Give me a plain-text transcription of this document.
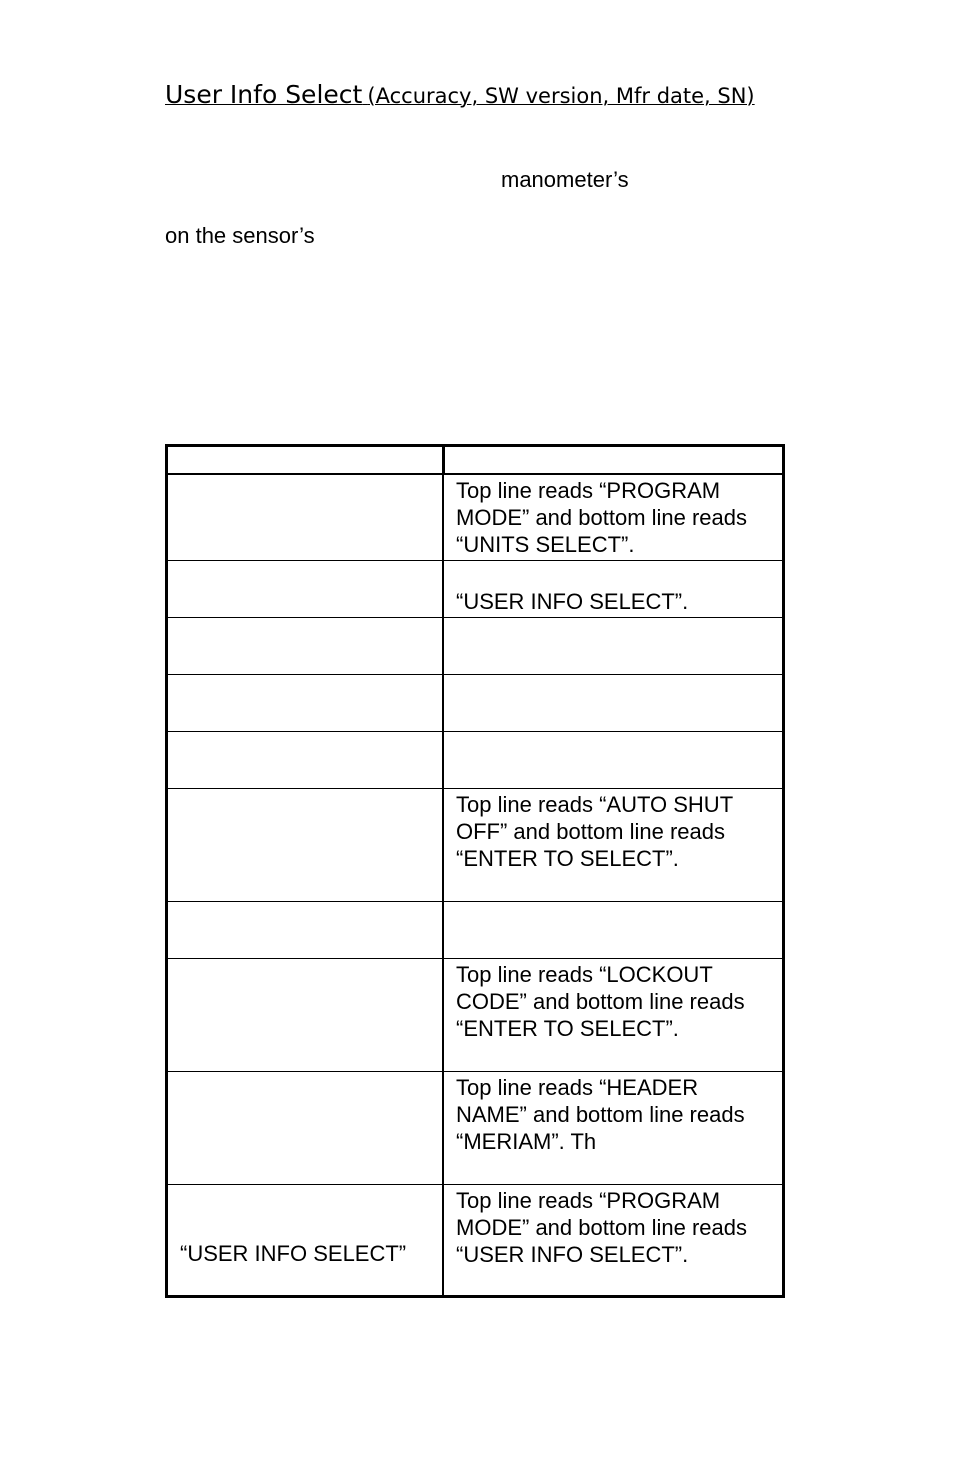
User Info Select (Accuracy, SW version, Mfr date, SN)
manometer’s
on the sensor’s

	Top line reads “PROGRAM MODE” and bottom line reads “UNITS SELECT”.
	“USER INFO SELECT”.

	Top line reads “AUTO SHUT OFF” and bottom line reads “ENTER TO SELECT”.

	Top line reads “LOCKOUT CODE” and bottom line reads “ENTER TO SELECT”.
	Top line reads “HEADER NAME” and bottom line reads “MERIAM”. Th
“USER INFO SELECT”	Top line reads “PROGRAM MODE” and bottom line reads “USER INFO SELECT”.
